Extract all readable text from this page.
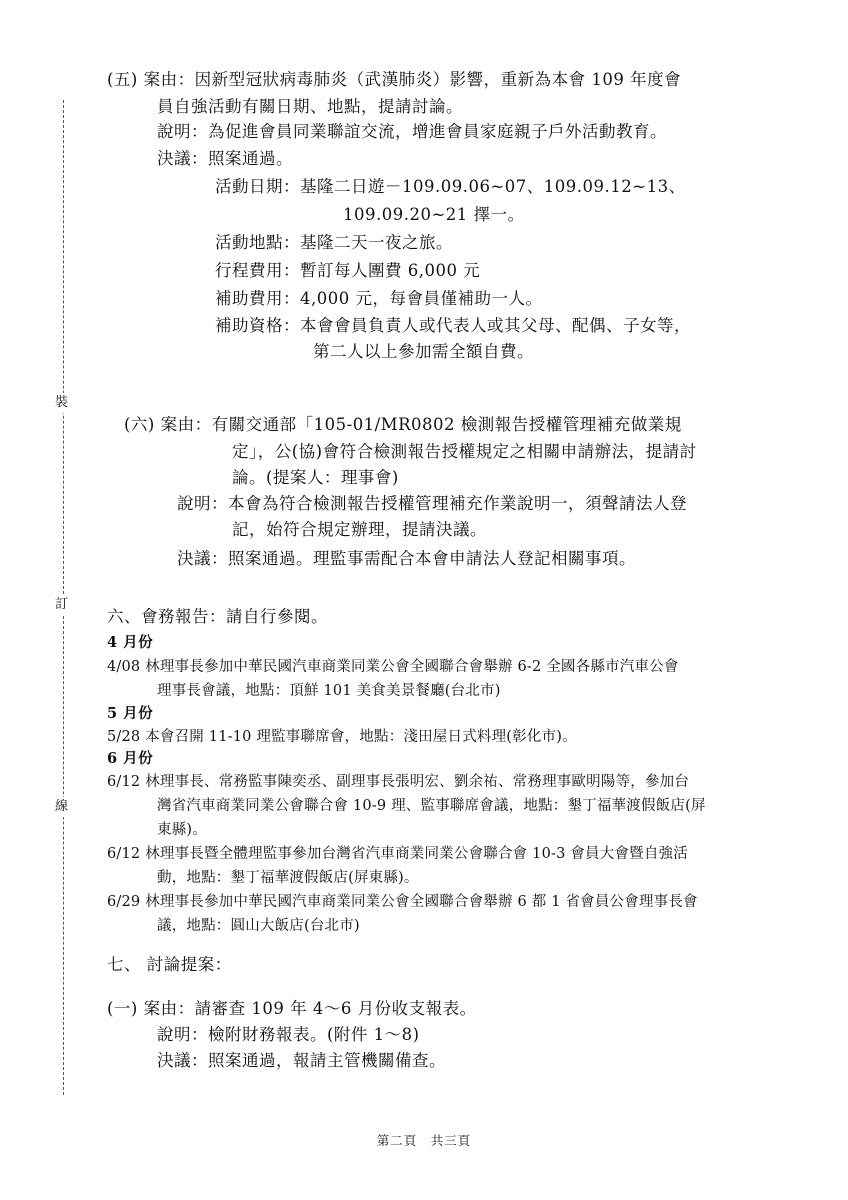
裝
訂
線
(五) 案由：因新型冠狀病毒肺炎（武漢肺炎）影響，重新為本會 109 年度會
員自強活動有關日期、地點，提請討論。
說明：為促進會員同業聯誼交流，增進會員家庭親子戶外活動教育。
決議：照案通過。
活動日期：基隆二日遊－109.09.06~07、109.09.12~13、
109.09.20~21 擇一。
活動地點：基隆二天一夜之旅。
行程費用：暫訂每人團費 6,000 元
補助費用：4,000 元，每會員僅補助一人。
補助資格：本會會員負責人或代表人或其父母、配偶、子女等，
第二人以上參加需全額自費。
(六) 案由：有關交通部「105-01/MR0802 檢測報告授權管理補充做業規
定」，公(協)會符合檢測報告授權規定之相關申請辦法，提請討
論。(提案人：理事會)
說明：本會為符合檢測報告授權管理補充作業說明一，須聲請法人登
記，始符合規定辦理，提請決議。
決議：照案通過。理監事需配合本會申請法人登記相關事項。
六、會務報告：請自行參閱。
4 月份
4/08 林理事長參加中華民國汽車商業同業公會全國聯合會舉辦 6-2 全國各縣市汽車公會
理事長會議，地點：頂鮮 101 美食美景餐廳(台北市)
5 月份
5/28 本會召開 11-10 理監事聯席會，地點：淺田屋日式料理(彰化市)。
6 月份
6/12 林理事長、常務監事陳奕丞、副理事長張明宏、劉余祐、常務理事歐明陽等，參加台
灣省汽車商業同業公會聯合會 10-9 理、監事聯席會議，地點：墾丁福華渡假飯店(屏
東縣)。
6/12 林理事長暨全體理監事參加台灣省汽車商業同業公會聯合會 10-3 會員大會暨自強活
動，地點：墾丁福華渡假飯店(屏東縣)。
6/29 林理事長參加中華民國汽車商業同業公會全國聯合會舉辦 6 都 1 省會員公會理事長會
議，地點：圓山大飯店(台北市)
七、 討論提案：
(一) 案由：請審查 109 年 4～6 月份收支報表。
說明：檢附財務報表。(附件 1～8)
決議：照案通過，報請主管機關備查。
第二頁　共三頁
